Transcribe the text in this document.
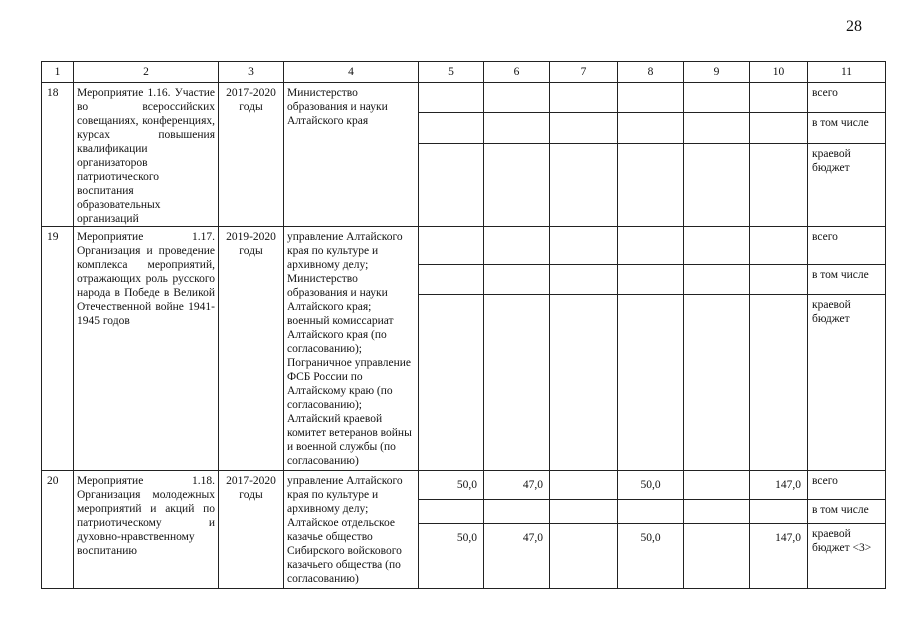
28
1	2	3	4	5	6	7	8	9	10	11
18	Мероприятие 1.16. Участие во всероссийских совещаниях, конференциях, курсах повышения квалификации организаторов патриотического воспитания образовательных организаций	2017-2020 годы	Министерство образования и науки Алтайского края							всего
										в том числе
										краевой бюджет
19	Мероприятие 1.17. Организация и проведение комплекса мероприятий, отражающих роль русского народа в Победе в Великой Отечественной войне 1941-1945 годов	2019-2020 годы	управление Алтайского края по культуре и архивному делу;
Министерство образования и науки Алтайского края;
военный комиссариат Алтайского края (по согласованию);
Пограничное управление ФСБ России по Алтайскому краю (по согласованию);
Алтайский краевой комитет ветеранов войны и военной службы (по согласованию)							всего
										в том числе
										краевой бюджет
20	Мероприятие 1.18. Организация молодежных мероприятий и акций по патриотическому и духовно-нравственному воспитанию	2017-2020 годы	управление Алтайского края по культуре и архивному делу;
Алтайское отдельское казачье общество Сибирского войскового казачьего общества (по согласованию)	50,0	47,0		50,0		147,0	всего
										в том числе
				50,0	47,0		50,0		147,0	краевой бюджет <3>
